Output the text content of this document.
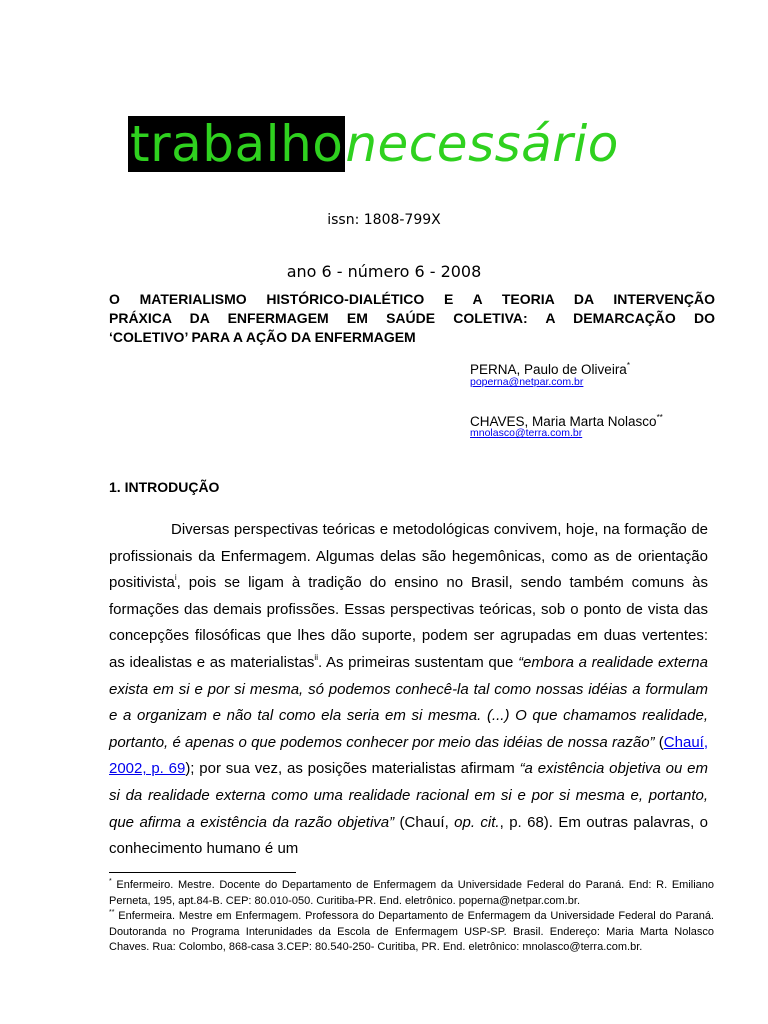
trabalhonecessário
issn: 1808-799X
ano 6 - número 6 - 2008
O MATERIALISMO HISTÓRICO-DIALÉTICO E A TEORIA DA INTERVENÇÃO
PRÁXICA DA ENFERMAGEM EM SAÚDE COLETIVA: A DEMARCAÇÃO DO
‘COLETIVO’ PARA A AÇÃO DA ENFERMAGEM
PERNA, Paulo de Oliveira*
poperna@netpar.com.br
CHAVES, Maria Marta Nolasco**
mnolasco@terra.com.br
1. INTRODUÇÃO

Diversas perspectivas teóricas e metodológicas convivem, hoje, na formação de profissionais da Enfermagem. Algumas delas são hegemônicas, como as de orientação positivista$^i$, pois se ligam à tradição do ensino no Brasil, sendo também comuns às formações das demais profissões. Essas perspectivas teóricas, sob o ponto de vista das concepções filosóficas que lhes dão suporte, podem ser agrupadas em duas vertentes: as idealistas e as materialistas$^{ii}$. As primeiras sustentam que “embora a realidade externa exista em si e por si mesma, só podemos conhecê-la tal como nossas idéias a formulam e a organizam e não tal como ela seria em si mesma. (...) O que chamamos realidade, portanto, é apenas o que podemos conhecer por meio das idéias de nossa razão” (Chauí, 2002, p. 69); por sua vez, as posições materialistas afirmam “a existência objetiva ou em si da realidade externa como uma realidade racional em si e por si mesma e, portanto, que afirma a existência da razão objetiva” (Chauí, op. cit., p. 68). Em outras palavras, o conhecimento humano é um

* Enfermeiro. Mestre. Docente do Departamento de Enfermagem da Universidade Federal do Paraná. End: R. Emiliano Perneta, 195, apt.84-B. CEP: 80.010-050. Curitiba-PR. End. eletrônico. poperna@netpar.com.br.

** Enfermeira. Mestre em Enfermagem. Professora do Departamento de Enfermagem da Universidade Federal do Paraná. Doutoranda no Programa Interunidades da Escola de Enfermagem USP-SP. Brasil. Endereço: Maria Marta Nolasco Chaves. Rua: Colombo, 868-casa 3.CEP: 80.540-250- Curitiba, PR. End. eletrônico: mnolasco@terra.com.br.
